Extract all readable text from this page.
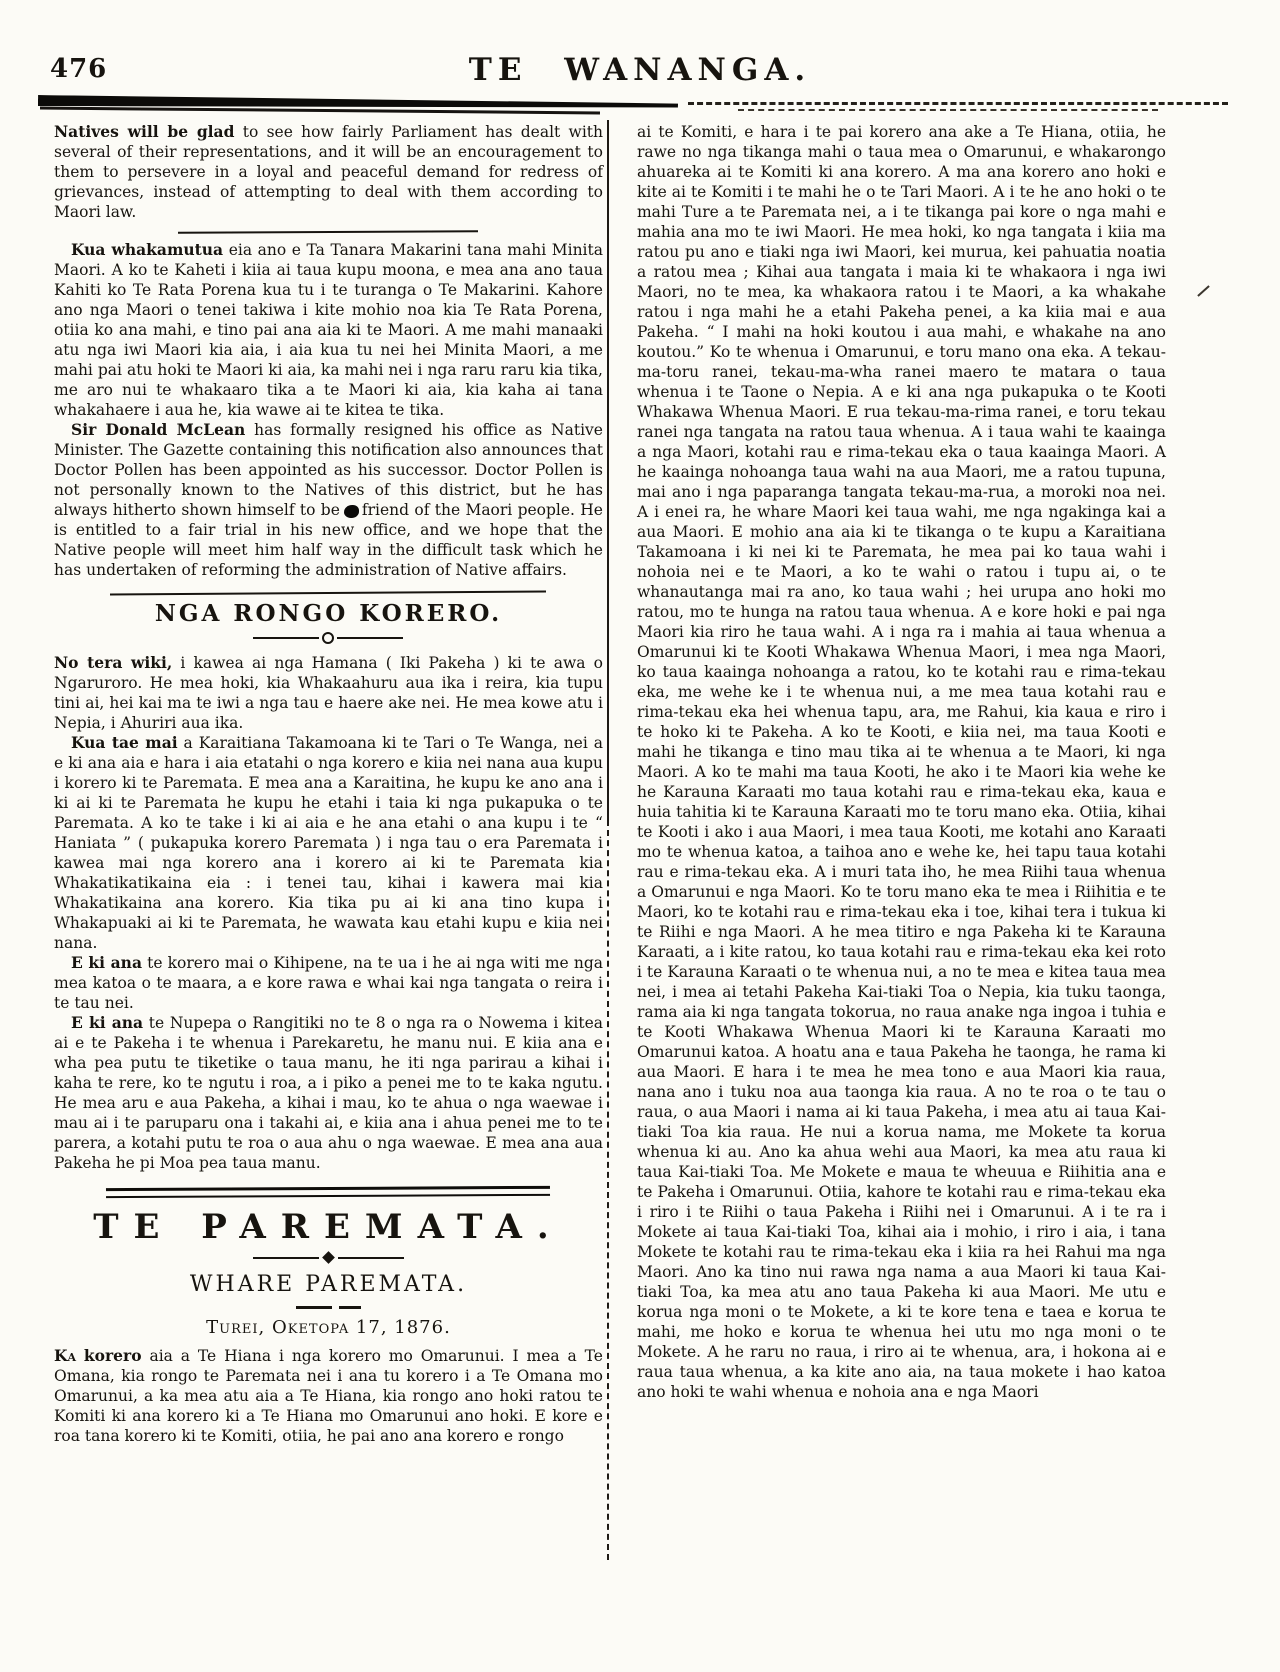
476	TE WANANGA.

Natives will be glad to see how fairly Parliament has dealt with several of their representations, and it will be an encouragement to them to persevere in a loyal and peaceful demand for redress of grievances, instead of attempting to deal with them according to Maori law.

Kua whakamutua eia ano e Ta Tanara Makarini tana mahi Minita Maori. A ko te Kaheti i kiia ai taua kupu moona, e mea ana ano taua Kahiti ko Te Rata Porena kua tu i te turanga o Te Makarini. Kahore ano nga Maori o tenei takiwa i kite mohio noa kia Te Rata Porena, otiia ko ana mahi, e tino pai ana aia ki te Maori. A me mahi manaaki atu nga iwi Maori kia aia, i aia kua tu nei hei Minita Maori, a me mahi pai atu hoki te Maori ki aia, ka mahi nei i nga raru raru kia tika, me aro nui te whakaaro tika a te Maori ki aia, kia kaha ai tana whakahaere i aua he, kia wawe ai te kitea te tika.

Sir Donald McLean has formally resigned his office as Native Minister. The Gazette containing this notification also announces that Doctor Pollen has been appointed as his successor. Doctor Pollen is not personally known to the Natives of this district, but he has always hitherto shown himself to be friend of the Maori people. He is entitled to a fair trial in his new office, and we hope that the Native people will meet him half way in the difficult task which he has undertaken of reforming the administration of Native affairs.

NGA RONGO KORERO.

No tera wiki, i kawea ai nga Hamana ( Iki Pakeha ) ki te awa o Ngaruroro. He mea hoki, kia Whakaahuru aua ika i reira, kia tupu tini ai, hei kai ma te iwi a nga tau e haere ake nei. He mea kowe atu i Nepia, i Ahuriri aua ika.

Kua tae mai a Karaitiana Takamoana ki te Tari o Te Wanga, nei a e ki ana aia e hara i aia etatahi o nga korero e kiia nei nana aua kupu i korero ki te Paremata. E mea ana a Karaitina, he kupu ke ano ana i ki ai ki te Paremata he kupu he etahi i taia ki nga pukapuka o te Paremata. A ko te take i ki ai aia e he ana etahi o ana kupu i te “ Haniata ” ( pukapuka korero Paremata ) i nga tau o era Paremata i kawea mai nga korero ana i korero ai ki te Paremata kia Whakatikatikaina eia : i tenei tau, kihai i kawera mai kia Whakatikaina ana korero. Kia tika pu ai ki ana tino kupa i Whakapuaki ai ki te Paremata, he wawata kau etahi kupu e kiia nei nana.

E ki ana te korero mai o Kihipene, na te ua i he ai nga witi me nga mea katoa o te maara, a e kore rawa e whai kai nga tangata o reira i te tau nei.

E ki ana te Nupepa o Rangitiki no te 8 o nga ra o Nowema i kitea ai e te Pakeha i te whenua i Parekaretu, he manu nui. E kiia ana e wha pea putu te tiketike o taua manu, he iti nga parirau a kihai i kaha te rere, ko te ngutu i roa, a i piko a penei me to te kaka ngutu. He mea aru e aua Pakeha, a kihai i mau, ko te ahua o nga waewae i mau ai i te paruparu ona i takahi ai, e kiia ana i ahua penei me to te parera, a kotahi putu te roa o aua ahu o nga waewae. E mea ana aua Pakeha he pi Moa pea taua manu.

TE PAREMATA.
WHARE PAREMATA.
Turei, Oketopa 17, 1876.

Ka korero aia a Te Hiana i nga korero mo Omarunui. I mea a Te Omana, kia rongo te Paremata nei i ana tu korero i a Te Omana mo Omarunui, a ka mea atu aia a Te Hiana, kia rongo ano hoki ratou te Komiti ki ana korero ki a Te Hiana mo Omarunui ano hoki. E kore e roa tana korero ki te Komiti, otiia, he pai ano ana korero e rongo

ai te Komiti, e hara i te pai korero ana ake a Te Hiana, otiia, he rawe no nga tikanga mahi o taua mea o Omarunui, e whakarongo ahuareka ai te Komiti ki ana korero. A ma ana korero ano hoki e kite ai te Komiti i te mahi he o te Tari Maori. A i te he ano hoki o te mahi Ture a te Paremata nei, a i te tikanga pai kore o nga mahi e mahia ana mo te iwi Maori. He mea hoki, ko nga tangata i kiia ma ratou pu ano e tiaki nga iwi Maori, kei murua, kei pahuatia noatia a ratou mea ; Kihai aua tangata i maia ki te whakaora i nga iwi Maori, no te mea, ka whakaora ratou i te Maori, a ka whakahe ratou i nga mahi he a etahi Pakeha penei, a ka kiia mai e aua Pakeha. “ I mahi na hoki koutou i aua mahi, e whakahe na ano koutou.” Ko te whenua i Omarunui, e toru mano ona eka. A tekau-ma-toru ranei, tekau-ma-wha ranei maero te matara o taua whenua i te Taone o Nepia. A e ki ana nga pukapuka o te Kooti Whakawa Whenua Maori. E rua tekau-ma-rima ranei, e toru tekau ranei nga tangata na ratou taua whenua. A i taua wahi te kaainga a nga Maori, kotahi rau e rima-tekau eka o taua kaainga Maori. A he kaainga nohoanga taua wahi na aua Maori, me a ratou tupuna, mai ano i nga paparanga tangata tekau-ma-rua, a moroki noa nei. A i enei ra, he whare Maori kei taua wahi, me nga ngakinga kai a aua Maori. E mohio ana aia ki te tikanga o te kupu a Karaitiana Takamoana i ki nei ki te Paremata, he mea pai ko taua wahi i nohoia nei e te Maori, a ko te wahi o ratou i tupu ai, o te whanautanga mai ra ano, ko taua wahi ; hei urupa ano hoki mo ratou, mo te hunga na ratou taua whenua. A e kore hoki e pai nga Maori kia riro he taua wahi. A i nga ra i mahia ai taua whenua a Omarunui ki te Kooti Whakawa Whenua Maori, i mea nga Maori, ko taua kaainga nohoanga a ratou, ko te kotahi rau e rima-tekau eka, me wehe ke i te whenua nui, a me mea taua kotahi rau e rima-tekau eka hei whenua tapu, ara, me Rahui, kia kaua e riro i te hoko ki te Pakeha. A ko te Kooti, e kiia nei, ma taua Kooti e mahi he tikanga e tino mau tika ai te whenua a te Maori, ki nga Maori. A ko te mahi ma taua Kooti, he ako i te Maori kia wehe ke he Karauna Karaati mo taua kotahi rau e rima-tekau eka, kaua e huia tahitia ki te Karauna Karaati mo te toru mano eka. Otiia, kihai te Kooti i ako i aua Maori, i mea taua Kooti, me kotahi ano Karaati mo te whenua katoa, a taihoa ano e wehe ke, hei tapu taua kotahi rau e rima-tekau eka. A i muri tata iho, he mea Riihi taua whenua a Omarunui e nga Maori. Ko te toru mano eka te mea i Riihitia e te Maori, ko te kotahi rau e rima-tekau eka i toe, kihai tera i tukua ki te Riihi e nga Maori. A he mea titiro e nga Pakeha ki te Karauna Karaati, a i kite ratou, ko taua kotahi rau e rima-tekau eka kei roto i te Karauna Karaati o te whenua nui, a no te mea e kitea taua mea nei, i mea ai tetahi Pakeha Kai-tiaki Toa o Nepia, kia tuku taonga, rama aia ki nga tangata tokorua, no raua anake nga ingoa i tuhia e te Kooti Whakawa Whenua Maori ki te Karauna Karaati mo Omarunui katoa. A hoatu ana e taua Pakeha he taonga, he rama ki aua Maori. E hara i te mea he mea tono e aua Maori kia raua, nana ano i tuku noa aua taonga kia raua. A no te roa o te tau o raua, o aua Maori i nama ai ki taua Pakeha, i mea atu ai taua Kai-tiaki Toa kia raua. He nui a korua nama, me Mokete ta korua whenua ki au. Ano ka ahua wehi aua Maori, ka mea atu raua ki taua Kai-tiaki Toa. Me Mokete e maua te wheuua e Riihitia ana e te Pakeha i Omarunui. Otiia, kahore te kotahi rau e rima-tekau eka i riro i te Riihi o taua Pakeha i Riihi nei i Omarunui. A i te ra i Mokete ai taua Kai-tiaki Toa, kihai aia i mohio, i riro i aia, i tana Mokete te kotahi rau te rima-tekau eka i kiia ra hei Rahui ma nga Maori. Ano ka tino nui rawa nga nama a aua Maori ki taua Kai-tiaki Toa, ka mea atu ano taua Pakeha ki aua Maori. Me utu e korua nga moni o te Mokete, a ki te kore tena e taea e korua te mahi, me hoko e korua te whenua hei utu mo nga moni o te Mokete. A he raru no raua, i riro ai te whenua, ara, i hokona ai e raua taua whenua, a ka kite ano aia, na taua mokete i hao katoa ano hoki te wahi whenua e nohoia ana e nga Maori
